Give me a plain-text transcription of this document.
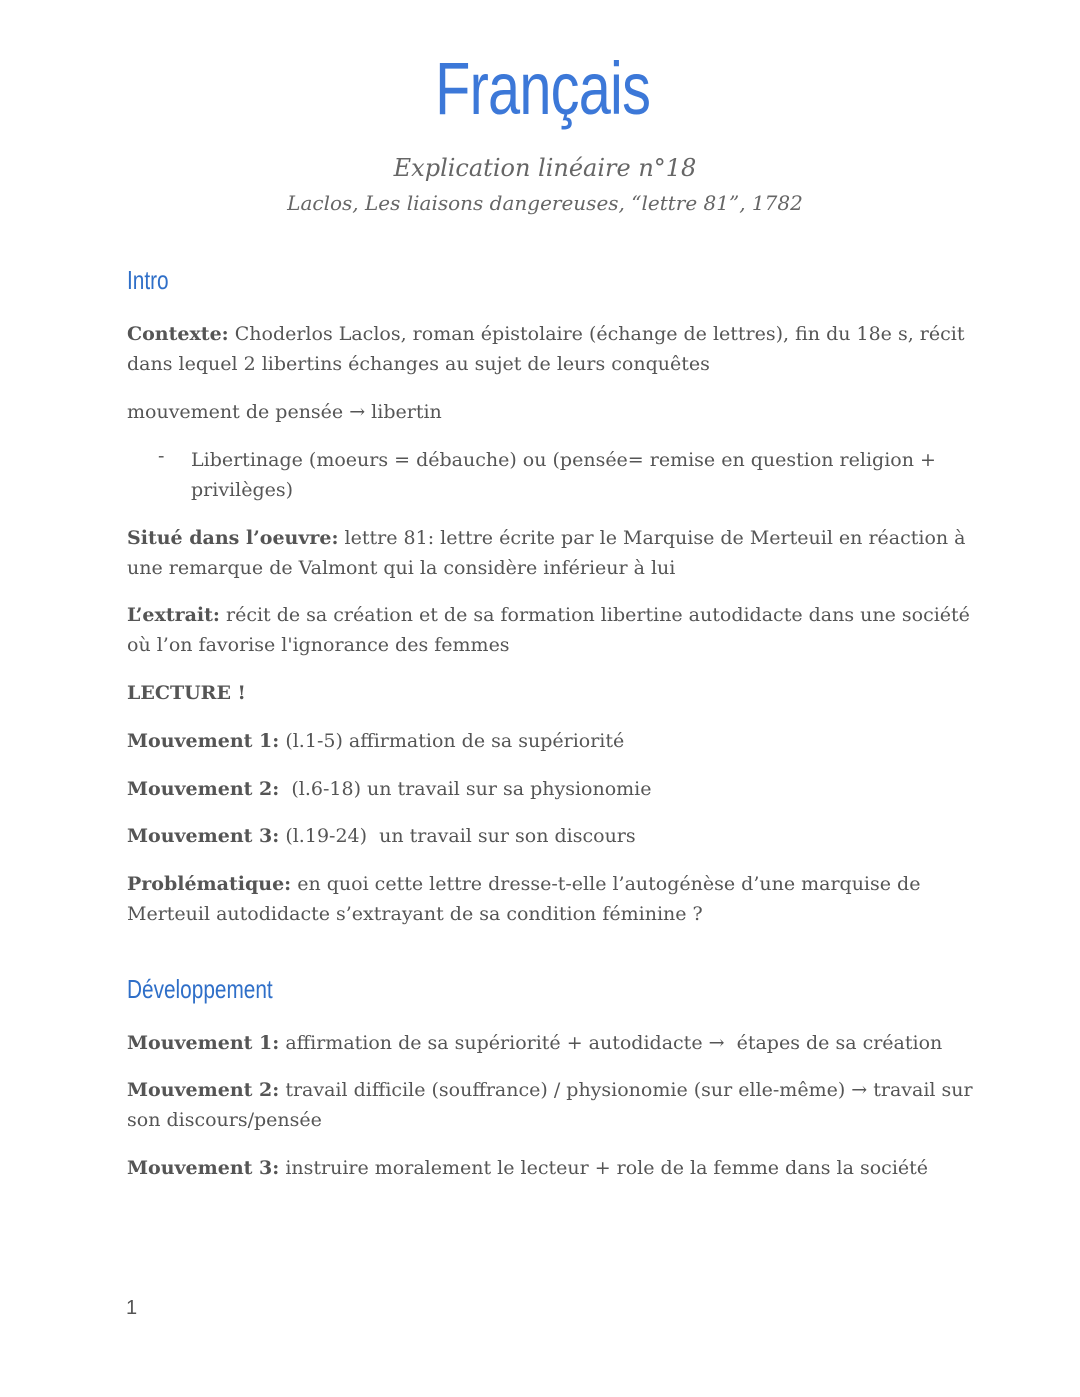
Français
Explication linéaire n°18
Laclos, Les liaisons dangereuses, “lettre 81”, 1782
Intro
Contexte: Choderlos Laclos, roman épistolaire (échange de lettres), fin du 18e s, récit dans lequel 2 libertins échanges au sujet de leurs conquêtes
mouvement de pensée → libertin
- Libertinage (moeurs = débauche) ou (pensée= remise en question religion + privilèges)
Situé dans l’oeuvre: lettre 81: lettre écrite par le Marquise de Merteuil en réaction à une remarque de Valmont qui la considère inférieur à lui
L’extrait: récit de sa création et de sa formation libertine autodidacte dans une société où l’on favorise l'ignorance des femmes
LECTURE !
Mouvement 1: (l.1-5) affirmation de sa supériorité
Mouvement 2:  (l.6-18) un travail sur sa physionomie
Mouvement 3: (l.19-24)  un travail sur son discours
Problématique: en quoi cette lettre dresse-t-elle l’autogénèse d’une marquise de Merteuil autodidacte s’extrayant de sa condition féminine ?
Développement
Mouvement 1: affirmation de sa supériorité + autodidacte →  étapes de sa création
Mouvement 2: travail difficile (souffrance) / physionomie (sur elle-même) → travail sur son discours/pensée
Mouvement 3: instruire moralement le lecteur + role de la femme dans la société
1
